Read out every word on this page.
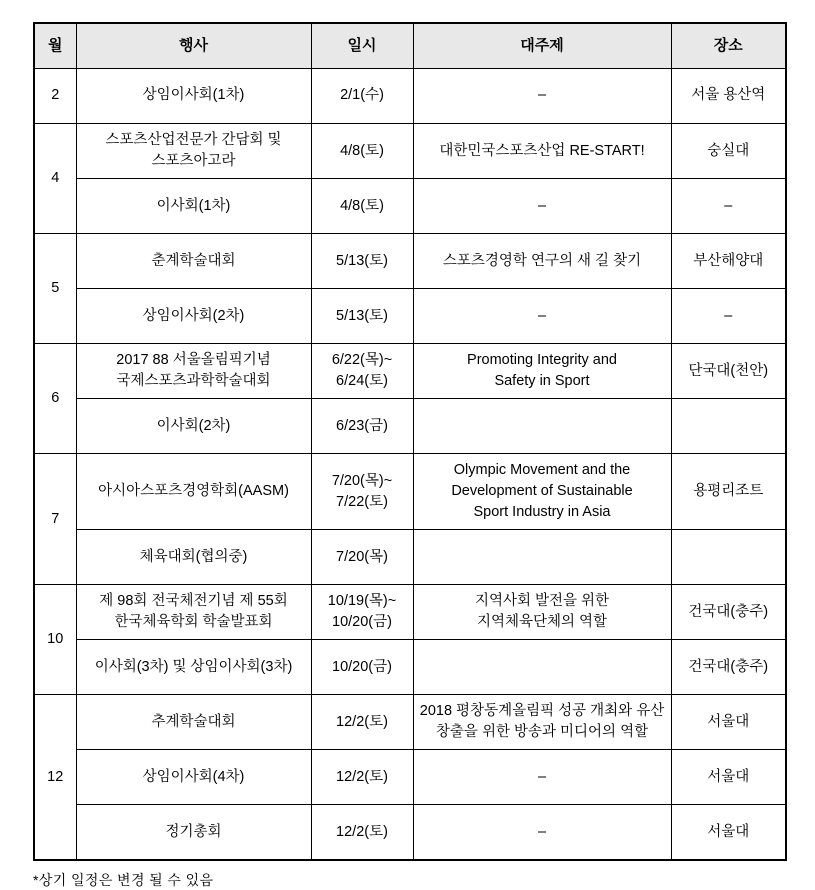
월	행사	일시	대주제	장소
2	상임이사회(1차)	2/1(수)	–	서울 용산역

4	스포츠산업전문가 간담회 및
스포츠아고라	4/8(토)	대한민국스포츠산업 RE-START!	숭실대

	이사회(1차)	4/8(토)	–	–

5	춘계학술대회	5/13(토)	스포츠경영학 연구의 새 길 찾기	부산해양대

	상임이사회(2차)	5/13(토)	–	–

6	2017 88 서울올림픽기념
국제스포츠과학학술대회	6/22(목)~
6/24(토)	Promoting Integrity and
Safety in Sport	단국대(천안)

	이사회(2차)	6/23(금)		

7	아시아스포츠경영학회(AASM)	7/20(목)~
7/22(토)	Olympic Movement and the
Development of Sustainable
Sport Industry in Asia	용평리조트

	체육대회(협의중)	7/20(목)		

10	제 98회 전국체전기념 제 55회
한국체육학회 학술발표회	10/19(목)~
10/20(금)	지역사회 발전을 위한
지역체육단체의 역할	건국대(충주)

	이사회(3차) 및 상임이사회(3차)	10/20(금)		건국대(충주)

12	추계학술대회	12/2(토)	2018 평창동계올림픽 성공 개최와 유산
창출을 위한 방송과 미디어의 역할	서울대

	상임이사회(4차)	12/2(토)	–	서울대

	정기총회	12/2(토)	–	서울대
*상기 일정은 변경 될 수 있음
